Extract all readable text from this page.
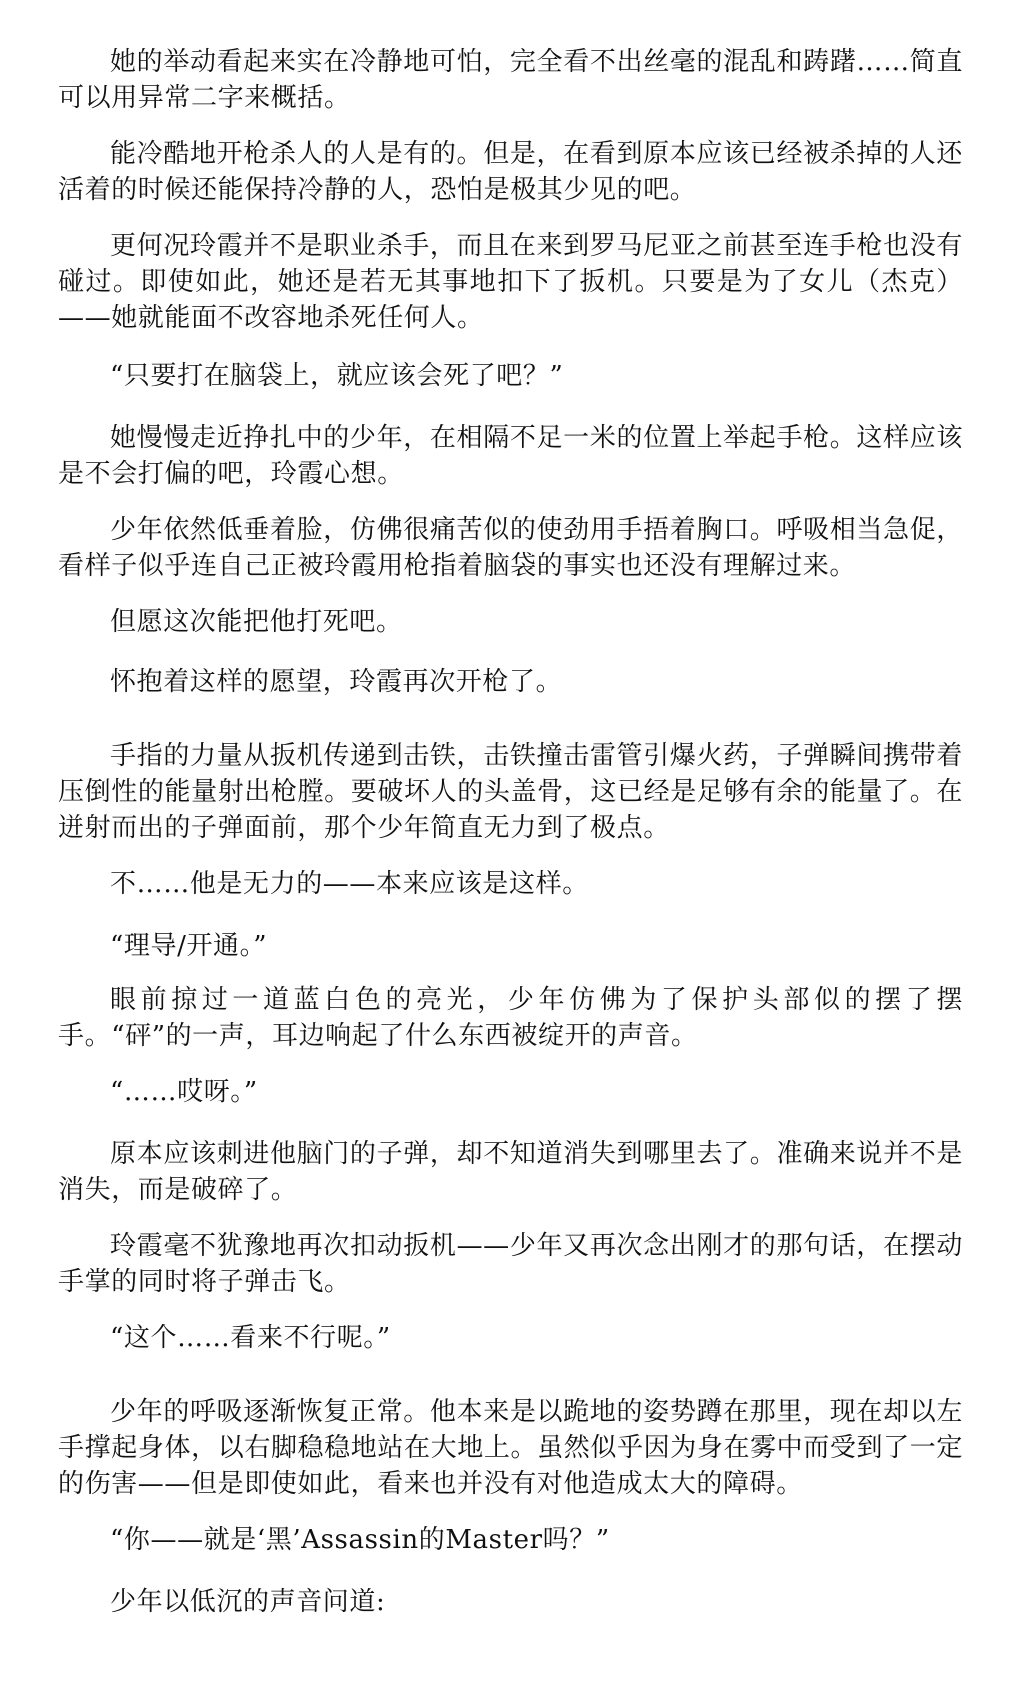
她的举动看起来实在冷静地可怕，完全看不出丝毫的混乱和踌躇……简直可以用异常二字来概括。

能冷酷地开枪杀人的人是有的。但是，在看到原本应该已经被杀掉的人还活着的时候还能保持冷静的人，恐怕是极其少见的吧。

更何况玲霞并不是职业杀手，而且在来到罗马尼亚之前甚至连手枪也没有碰过。即使如此，她还是若无其事地扣下了扳机。只要是为了女儿（杰克）——她就能面不改容地杀死任何人。

“只要打在脑袋上，就应该会死了吧？”

她慢慢走近挣扎中的少年，在相隔不足一米的位置上举起手枪。这样应该是不会打偏的吧，玲霞心想。

少年依然低垂着脸，仿佛很痛苦似的使劲用手捂着胸口。呼吸相当急促，看样子似乎连自己正被玲霞用枪指着脑袋的事实也还没有理解过来。

但愿这次能把他打死吧。

怀抱着这样的愿望，玲霞再次开枪了。

手指的力量从扳机传递到击铁，击铁撞击雷管引爆火药，子弹瞬间携带着压倒性的能量射出枪膛。要破坏人的头盖骨，这已经是足够有余的能量了。在迸射而出的子弹面前，那个少年简直无力到了极点。

不……他是无力的——本来应该是这样。

“理导/开通。”

眼前掠过一道蓝白色的亮光，少年仿佛为了保护头部似的摆了摆手。“砰”的一声，耳边响起了什么东西被绽开的声音。

“……哎呀。”

原本应该刺进他脑门的子弹，却不知道消失到哪里去了。准确来说并不是消失，而是破碎了。

玲霞毫不犹豫地再次扣动扳机——少年又再次念出刚才的那句话，在摆动手掌的同时将子弹击飞。

“这个……看来不行呢。”

少年的呼吸逐渐恢复正常。他本来是以跪地的姿势蹲在那里，现在却以左手撑起身体，以右脚稳稳地站在大地上。虽然似乎因为身在雾中而受到了一定的伤害——但是即使如此，看来也并没有对他造成太大的障碍。

“你——就是‘黑’Assassin的Master吗？”

少年以低沉的声音问道:
